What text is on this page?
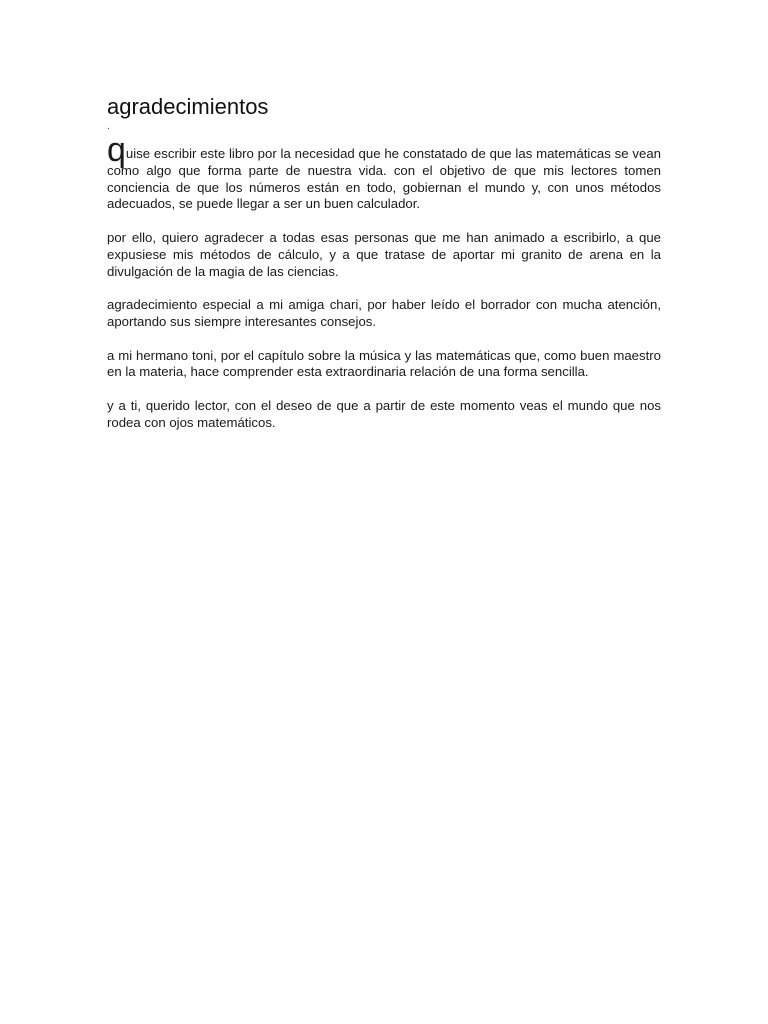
agradecimientos
.

quise escribir este libro por la necesidad que he constatado de que las matemáticas se vean como algo que forma parte de nuestra vida. con el objetivo de que mis lectores tomen conciencia de que los números están en todo, gobiernan el mundo y, con unos métodos adecuados, se puede llegar a ser un buen calculador.

por ello, quiero agradecer a todas esas personas que me han animado a escribirlo, a que expusiese mis métodos de cálculo, y a que tratase de aportar mi granito de arena en la divulgación de la magia de las ciencias.

agradecimiento especial a mi amiga chari, por haber leído el borrador con mucha atención, aportando sus siempre interesantes consejos.

a mi hermano toni, por el capítulo sobre la música y las matemáticas que, como buen maestro en la materia, hace comprender esta extraordinaria relación de una forma sencilla.

y a ti, querido lector, con el deseo de que a partir de este momento veas el mundo que nos rodea con ojos matemáticos.
